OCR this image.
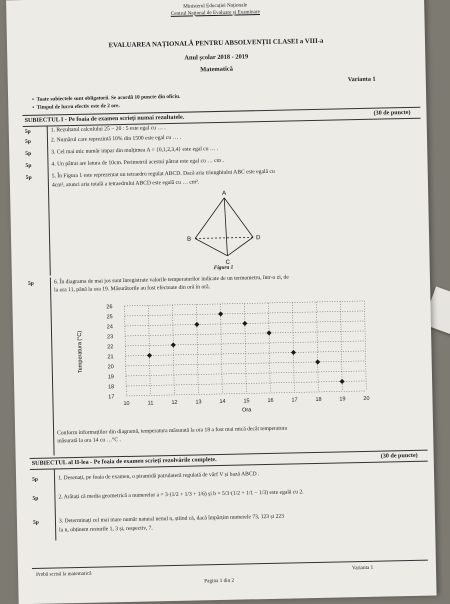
Ministerul Educației Naționale
Centrul Național de Evaluare și Examinare
EVALUAREA NAȚIONALĂ PENTRU ABSOLVENȚII CLASEI a VIII-a
Anul școlar 2018 - 2019
Matematică
Varianta 1
•  Toate subiectele sunt obligatorii. Se acordă 10 puncte din oficiu.
•  Timpul de lucru efectiv este de 2 ore.
SUBIECTUL I - Pe foaia de examen scrieți numai rezultatele.
(30 de puncte)
5p	1. Rezultatul calculului 25 − 20 : 5 este egal cu … .
5p	2. Numărul care reprezintă 10% din 1500 este egal cu … .
5p	3. Cel mai mic număr impar din mulțimea A = {0,1,2,3,4} este egal cu … .
5p	4. Un pătrat are latura de 10cm. Perimetrul acestui pătrat este egal cu … cm .
5p	5. În Figura 1 este reprezentat un tetraedru regulat ABCD. Dacă aria triunghiului ABC este egală cu
4cm², atunci aria totală a tetraedrului ABCD este egală cu … cm².
A
B
C
D
Figura 1
5p	6. În diagrama de mai jos sunt înregistrate valorile temperaturilor indicate de un termometru, într-o zi, de
la ora 11, până la ora 19. Măsurătorile au fost efectuate din oră în oră.
10	11	12	13	14	15	16	17	18	19	20
17
18
19
20
21
22
23
24
25
26
Ora
Temperatura (°C)
Conform informațiilor din diagramă, temperatura măsurată la ora 18 a fost mai mică decât temperatura
măsurată la ora 14 cu …°C .
SUBIECTUL al II-lea - Pe foaia de examen scrieți rezolvările complete.
(30 de puncte)
5p	1. Desenați, pe foaia de examen, o piramidă patrulateră regulată de vârf V și bază ABCD .
5p	2. Arătați că media geometrică a numerelor a = 3·(1/2 + 1/3 + 1/6) și b = 5/3·(1/2 + 1/1 − 1/3) este egală cu 2.
5p	3. Determinați cel mai mare număr natural nenul n, știind că, dacă împărțim numerele 73, 123 și 223
la n, obținem resturile 1, 3 și, respectiv, 7.
Probă scrisă la matematică
Varianta 1
Pagina 1 din 2
